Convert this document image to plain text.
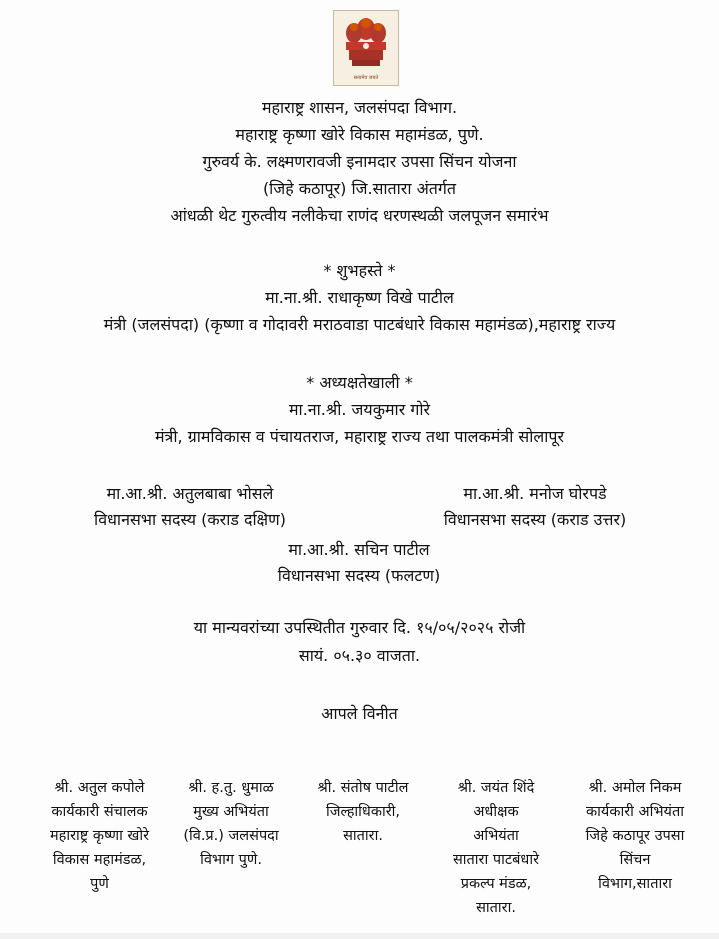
सत्यमेव जयते
महाराष्ट्र शासन, जलसंपदा विभाग.
महाराष्ट्र कृष्णा खोरे विकास महामंडळ, पुणे.
गुरुवर्य के. लक्ष्मणरावजी इनामदार उपसा सिंचन योजना
(जिहे कठापूर) जि.सातारा अंतर्गत
आंधळी थेट गुरुत्वीय नलीकेचा राणंद धरणस्थळी जलपूजन समारंभ
* शुभहस्ते *
मा.ना.श्री. राधाकृष्ण विखे पाटील
मंत्री (जलसंपदा) (कृष्णा व गोदावरी मराठवाडा पाटबंधारे विकास महामंडळ),महाराष्ट्र राज्य
* अध्यक्षतेखाली *
मा.ना.श्री. जयकुमार गोरे
मंत्री, ग्रामविकास व पंचायतराज, महाराष्ट्र राज्य तथा पालकमंत्री सोलापूर
मा.आ.श्री. अतुलबाबा भोसले
विधानसभा सदस्य (कराड दक्षिण)
मा.आ.श्री. मनोज घोरपडे
विधानसभा सदस्य (कराड उत्तर)
मा.आ.श्री. सचिन पाटील
विधानसभा सदस्य (फलटण)
या मान्यवरांच्या उपस्थितीत गुरुवार दि. १५/०५/२०२५ रोजी
सायं. ०५.३० वाजता.
आपले विनीत
श्री. अतुल कपोले
कार्यकारी संचालक
महाराष्ट्र कृष्णा खोरे
विकास महामंडळ,
पुणे
श्री. ह.तु. धुमाळ
मुख्य अभियंता
(वि.प्र.) जलसंपदा
विभाग पुणे.
श्री. संतोष पाटील
जिल्हाधिकारी,
सातारा.
श्री. जयंत शिंदे
अधीक्षक
अभियंता
सातारा पाटबंधारे
प्रकल्प मंडळ,
सातारा.
श्री. अमोल निकम
कार्यकारी अभियंता
जिहे कठापूर उपसा
सिंचन
विभाग,सातारा
